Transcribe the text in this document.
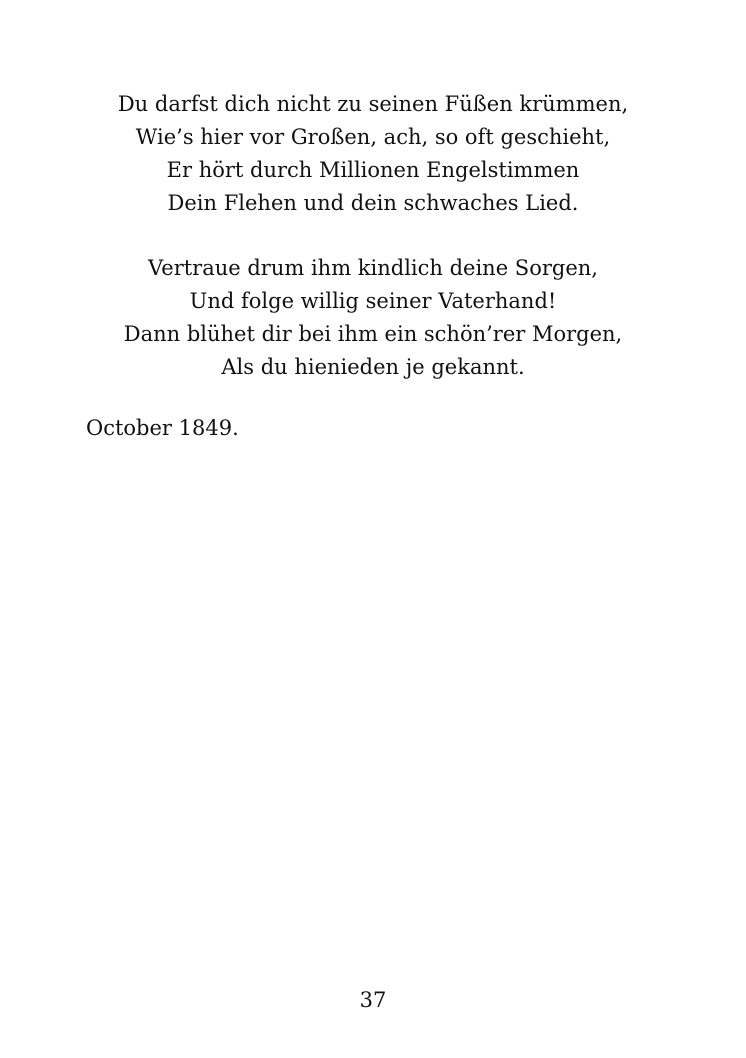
Du darfst dich nicht zu seinen Füßen krümmen,
Wie’s hier vor Großen, ach, so oft geschieht,
Er hört durch Millionen Engelstimmen
Dein Flehen und dein schwaches Lied.
Vertraue drum ihm kindlich deine Sorgen,
Und folge willig seiner Vaterhand!
Dann blühet dir bei ihm ein schön’rer Morgen,
Als du hienieden je gekannt.
October 1849.
37
